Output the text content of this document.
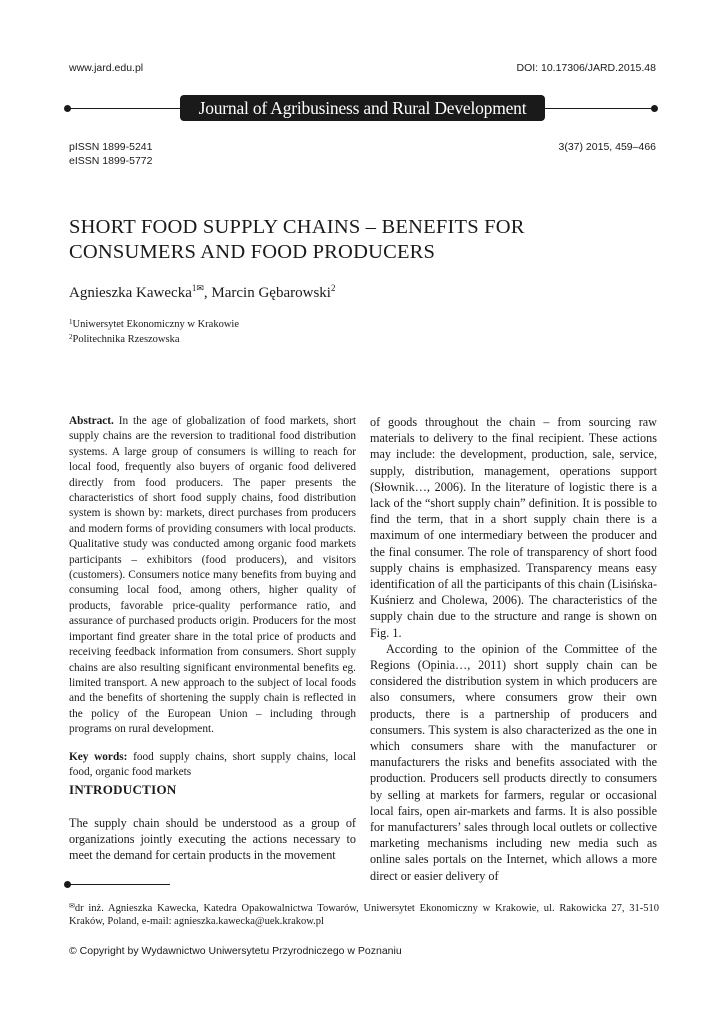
www.jard.edu.pl	DOI: 10.17306/JARD.2015.48
Journal of Agribusiness and Rural Development
pISSN 1899-5241
eISSN 1899-5772
3(37) 2015, 459–466
SHORT FOOD SUPPLY CHAINS – BENEFITS FOR
CONSUMERS AND FOOD PRODUCERS
Agnieszka Kawecka$^{1✉}$, Marcin Gębarowski$^2$
$^1$Uniwersytet Ekonomiczny w Krakowie
$^2$Politechnika Rzeszowska

Abstract. In the age of globalization of food markets, short supply chains are the reversion to traditional food distribution systems. A large group of consumers is willing to reach for local food, frequently also buyers of organic food delivered directly from food producers. The paper presents the characteristics of short food supply chains, food distribution system is shown by: markets, direct purchases from producers and modern forms of providing consumers with local products. Qualitative study was conducted among organic food markets participants – exhibitors (food producers), and visitors (customers). Consumers notice many benefits from buying and consuming local food, among others, higher quality of products, favorable price-quality performance ratio, and assurance of purchased products origin. Producers for the most important find greater share in the total price of products and receiving feedback information from consumers. Short supply chains are also resulting significant environmental benefits eg. limited transport. A new approach to the subject of local foods and the benefits of shortening the supply chain is reflected in the policy of the European Union – including through programs on rural development.

Key words: food supply chains, short supply chains, local food, organic food markets

INTRODUCTION
The supply chain should be understood as a group of organizations jointly executing the actions necessary to meet the demand for certain products in the movement

of goods throughout the chain – from sourcing raw materials to delivery to the final recipient. These actions may include: the development, production, sale, service, supply, distribution, management, operations support (Słownik…, 2006). In the literature of logistic there is a lack of the “short supply chain” definition. It is possible to find the term, that in a short supply chain there is a maximum of one intermediary between the producer and the final consumer. The role of transparency of short food supply chains is emphasized. Transparency means easy identification of all the participants of this chain (Lisińska-Kuśnierz and Cholewa, 2006). The characteristics of the supply chain due to the structure and range is shown on Fig. 1.

According to the opinion of the Committee of the Regions (Opinia…, 2011) short supply chain can be considered the distribution system in which producers are also consumers, where consumers grow their own products, there is a partnership of producers and consumers. This system is also characterized as the one in which consumers share with the manufacturer or manufacturers the risks and benefits associated with the production. Producers sell products directly to consumers by selling at markets for farmers, regular or occasional local fairs, open air-markets and farms. It is also possible for manufacturers’ sales through local outlets or collective marketing mechanisms including new media such as online sales portals on the Internet, which allows a more direct or easier delivery of

✉dr inż. Agnieszka Kawecka, Katedra Opakowalnictwa Towarów, Uniwersytet Ekonomiczny w Krakowie, ul. Rakowicka 27, 31-510 Kraków, Poland, e-mail: agnieszka.kawecka@uek.krakow.pl
© Copyright by Wydawnictwo Uniwersytetu Przyrodniczego w Poznaniu
